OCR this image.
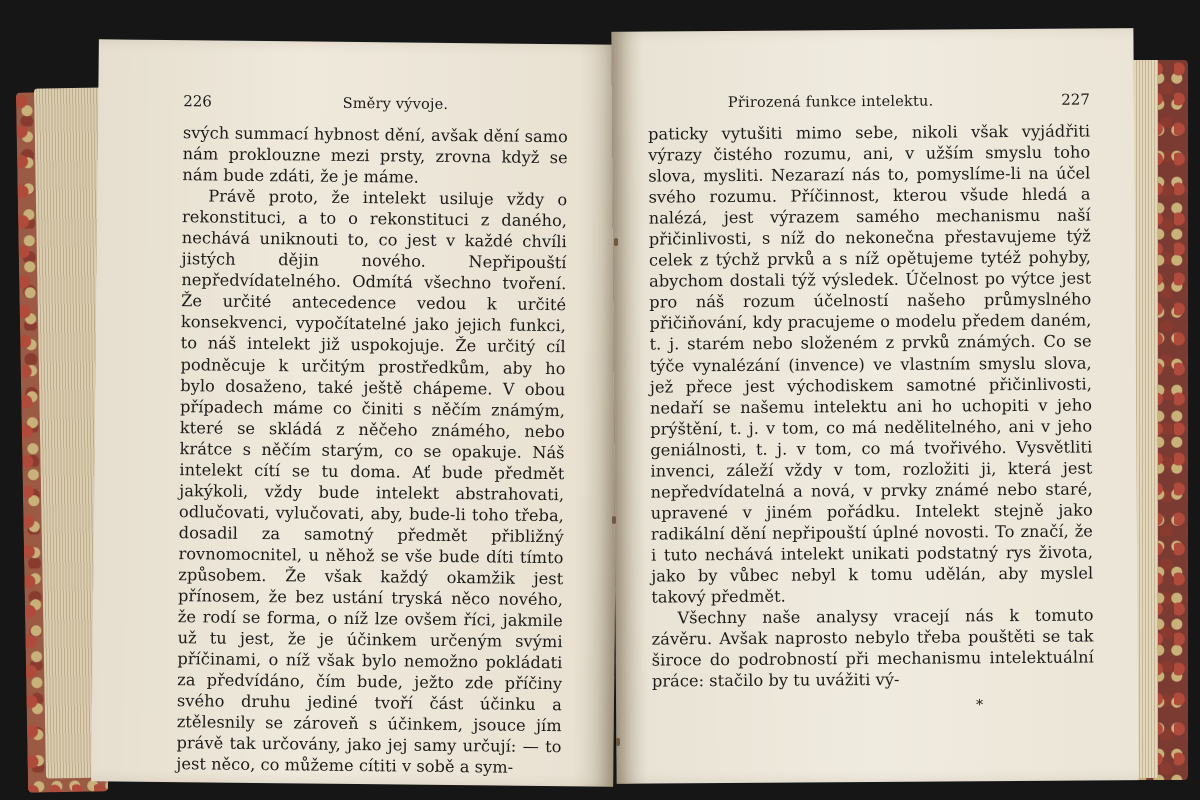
226	Směry vývoje.

svých summací hybnost dění, avšak dění samo nám proklouzne mezi prsty, zrovna když se nám bude zdáti, že je máme.

Právě proto, že intelekt usiluje vždy o rekonstituci, a to o rekonstituci z daného, nechává uniknouti to, co jest v každé chvíli jistých dějin nového. Nepřipouští nepředvídatelného. Odmítá všechno tvoření. Že určité antecedence vedou k určité konsekvenci, vypočítatelné jako jejich funkci, to náš intelekt již uspokojuje. Že určitý cíl podněcuje k určitým prostředkům, aby ho bylo dosaženo, také ještě chápeme. V obou případech máme co činiti s něčím známým, které se skládá z něčeho známého, nebo krátce s něčím starým, co se opakuje. Náš intelekt cítí se tu doma. Ať bude předmět jakýkoli, vždy bude intelekt abstrahovati, odlučovati, vylučovati, aby, bude-li toho třeba, dosadil za samotný předmět přibližný rovnomocnitel, u něhož se vše bude díti tímto způsobem. Že však každý okamžik jest přínosem, že bez ustání tryská něco nového, že rodí se forma, o níž lze ovšem říci, jakmile už tu jest, že je účinkem určeným svými příčinami, o níž však bylo nemožno pokládati za předvídáno, čím bude, ježto zde příčiny svého druhu jediné tvoří část účinku a ztělesnily se zároveň s účinkem, jsouce jím právě tak určovány, jako jej samy určují: — to jest něco, co můžeme cítiti v sobě a sym-

Přirozená funkce intelektu.	227

paticky vytušiti mimo sebe, nikoli však vyjádřiti výrazy čistého rozumu, ani, v užším smyslu toho slova, mysliti. Nezarazí nás to, pomyslíme-li na účel svého rozumu. Příčinnost, kterou všude hledá a nalézá, jest výrazem samého mechanismu naší přičinlivosti, s níž do nekonečna přestavujeme týž celek z týchž prvků a s níž opětujeme tytéž pohyby, abychom dostali týž výsledek. Účelnost po výtce jest pro náš rozum účelností našeho průmyslného přičiňování, kdy pracujeme o modelu předem daném, t. j. starém nebo složeném z prvků známých. Co se týče vynalézání (invence) ve vlastním smyslu slova, jež přece jest východiskem samotné přičinlivosti, nedaří se našemu intelektu ani ho uchopiti v jeho prýštění, t. j. v tom, co má nedělitelného, ani v jeho geniálnosti, t. j. v tom, co má tvořivého. Vysvětliti invenci, záleží vždy v tom, rozložiti ji, která jest nepředvídatelná a nová, v prvky známé nebo staré, upravené v jiném pořádku. Intelekt stejně jako radikální dění nepřipouští úplné novosti. To značí, že i tuto nechává intelekt unikati podstatný rys života, jako by vůbec nebyl k tomu udělán, aby myslel takový předmět.

Všechny naše analysy vracejí nás k tomuto závěru. Avšak naprosto nebylo třeba pouštěti se tak široce do podrobností při mechanismu intelektuální práce: stačilo by tu uvážiti vý-

*
